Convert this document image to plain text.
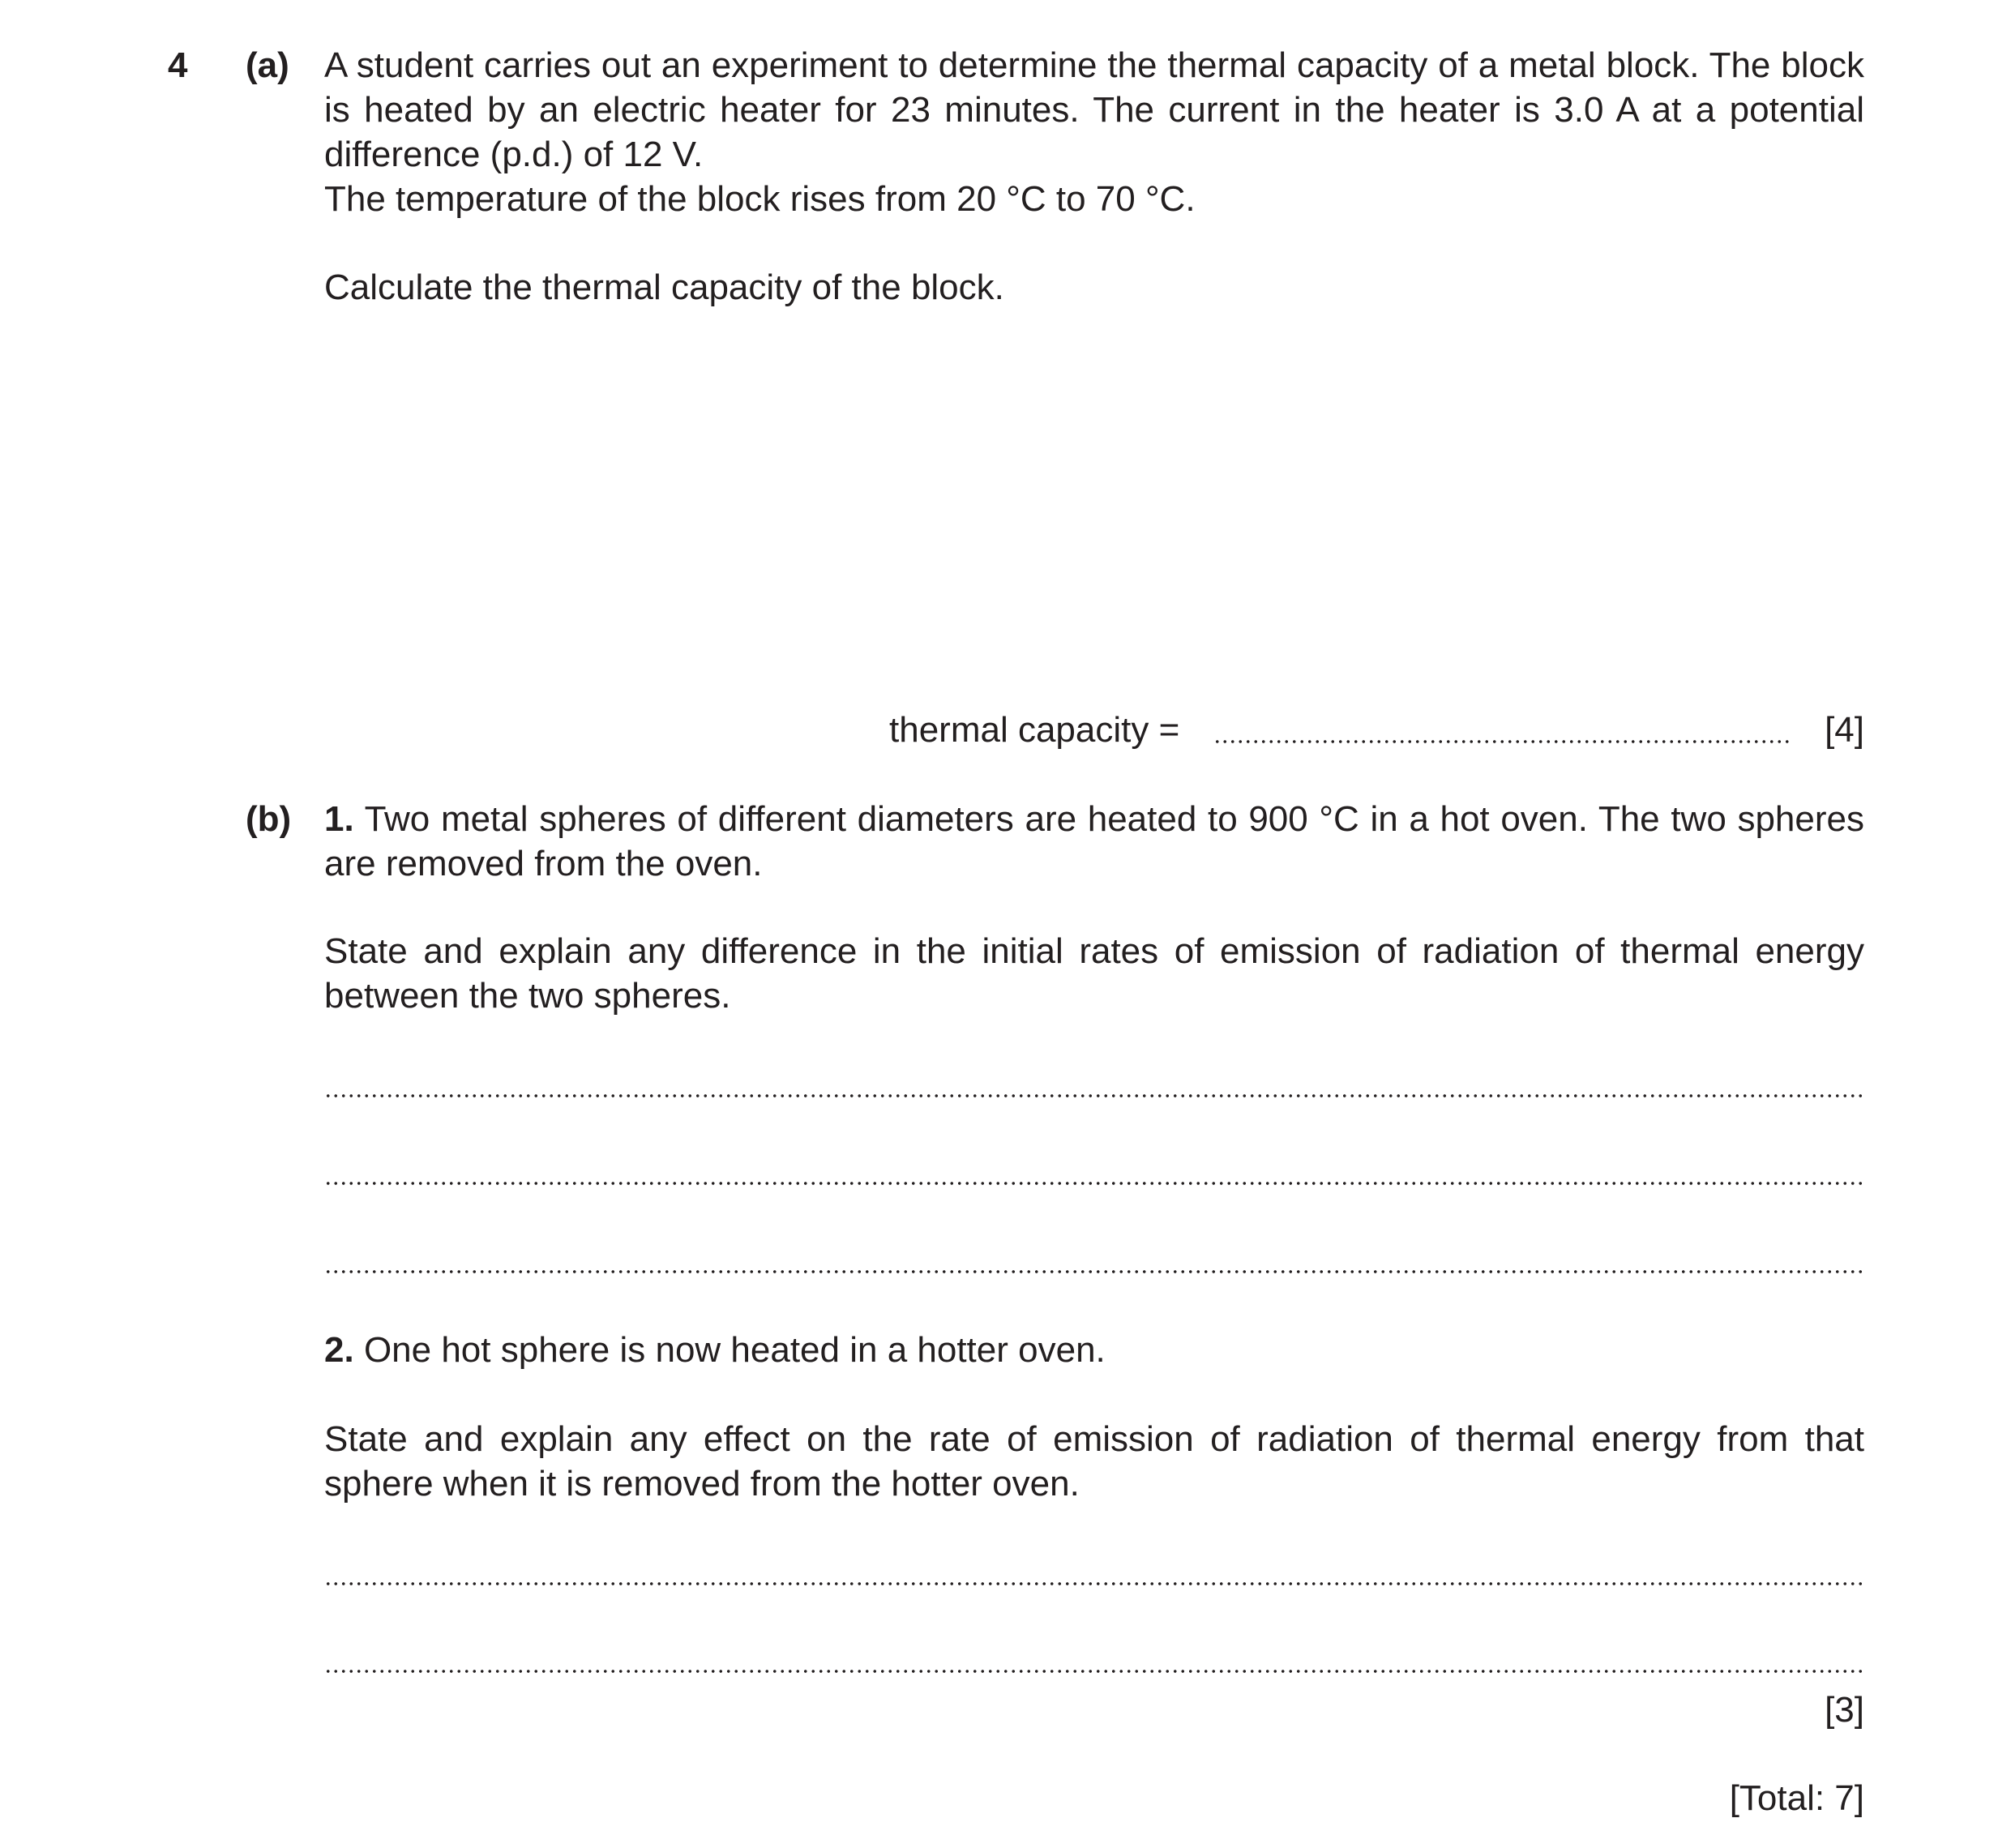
4 (a) A student carries out an experiment to determine the thermal capacity of a metal block. The block is heated by an electric heater for 23 minutes. The current in the heater is 3.0 A at a potential difference (p.d.) of 12 V.
The temperature of the block rises from 20 °C to 70 °C.
Calculate the thermal capacity of the block.
thermal capacity =	[4]
(b) 1. Two metal spheres of different diameters are heated to 900 °C in a hot oven. The two spheres are removed from the oven.
State and explain any difference in the initial rates of emission of radiation of thermal energy between the two spheres.
2. One hot sphere is now heated in a hotter oven.
State and explain any effect on the rate of emission of radiation of thermal energy from that sphere when it is removed from the hotter oven.
[3]
[Total: 7]
